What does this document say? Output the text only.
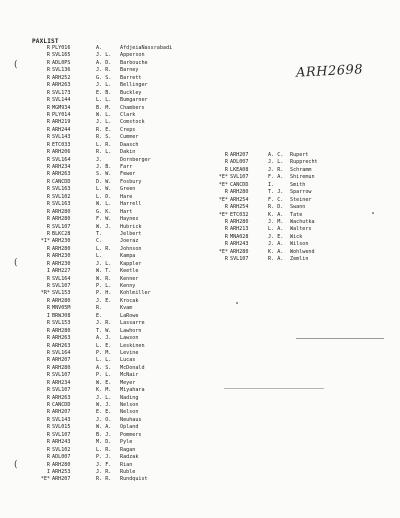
PAXLIST
ARH2698
(
(
(
R PLY016	A.	AfdjeiaNassrabadi
R SVL165	J. L.	Apperson
R ADL0PS	A. D.	Barbouche
R SVL136	J. R.	Barney
R ARH252	G. S.	Barrett
R ARH263	J. L.	Bellinger
R SVL173	E. B.	Buckley
R SVL144	L. L.	Bumgarner
R MGM934	B. M.	Chambers
R PLY014	W. L.	Clark
R ARH219	J. L.	Comstock
R ARH244	R. E.	Creps
R SVL143	R. S.	Cummer
R ETC033	L. R.	Daasch
R ARH206	R. L.	Dakin
R SVL164	J.	Dornberger
R ARH234	J. B.	Farr
R ARH263	S. W.	Fewer
R CANCDD	D. W.	Fosbury
R SVL163	L. W.	Green
R SVL102	L. D.	Hare
R SVL163	W. L.	Harrell
R ARH280	G. K.	Hart
R ARH280	F. W.	Haynes
R SVL107	W. J.	Hubrick
R BLKC28	T.	Jelbert
*I* ARH230	C.	Joeraz
R ARH280	L. R.	Johnson
R ARH230	L.	Kampa
R ARH230	J. L.	Kappler
I ARH227	W. T.	Keetle
R SVL164	W. R.	Kenner
R SVL107	P. L.	Kenny
*R* SVL153	P. H.	Kohlmiller
R ARH280	J. E.	Krocak
R MNV05M	R.	Kvam
I BRWJ08	E.	LaRowe
R SVL153	J. R.	Lassarre
R ARH280	T. W.	Lawhorn
R ARH263	A. J.	Lawson
R ARH263	L. E.	Leskinen
R SVL164	P. M.	Levine
R ARH207	L. L.	Lucas
R ARH280	A. S.	McDonald
R SVL107	P. L.	McNair
R ARH234	W. E.	Meyer
R SVL107	K. M.	Miyahara
R ARH263	J. L.	Nading
R CANCDD	W. J.	Nelson
R ARH207	E. E.	Nelson
R SVL143	J. O.	Neuhaus
R SVL015	W. A.	Opland
R SVL107	B. J.	Pommers
R ARH243	M. D.	Pyle
R SVL102	L. R.	Ragan
R ADL007	P. J.	Radzak
R ARH280	J. F.	Rian
I ARH253	J. R.	Ruble
*E* ARH207	R. R.	Rundquist
R ARH207	A. C.	Rupert
R ADL007	J. L.	Rupprecht
R LKEA08	J. R.	Schramm
*E* SVL107	F. A.	Shiremun
*E* CANCDD	I.	Smith
R ARH280	T. J.	Sparrow
*E* ARH254	F. C.	Steiner
R ARH254	R. D.	Swann
*E* ETC032	K. A.	Tate
R ARH280	J. M.	Wachutka
R ARH213	L. A.	Walters
R MNA028	J. E.	Wick
R ARH243	J. A.	Wilson
*E* ARH280	K. A.	Wohlwend
R SVL107	R. A.	Zemlin
